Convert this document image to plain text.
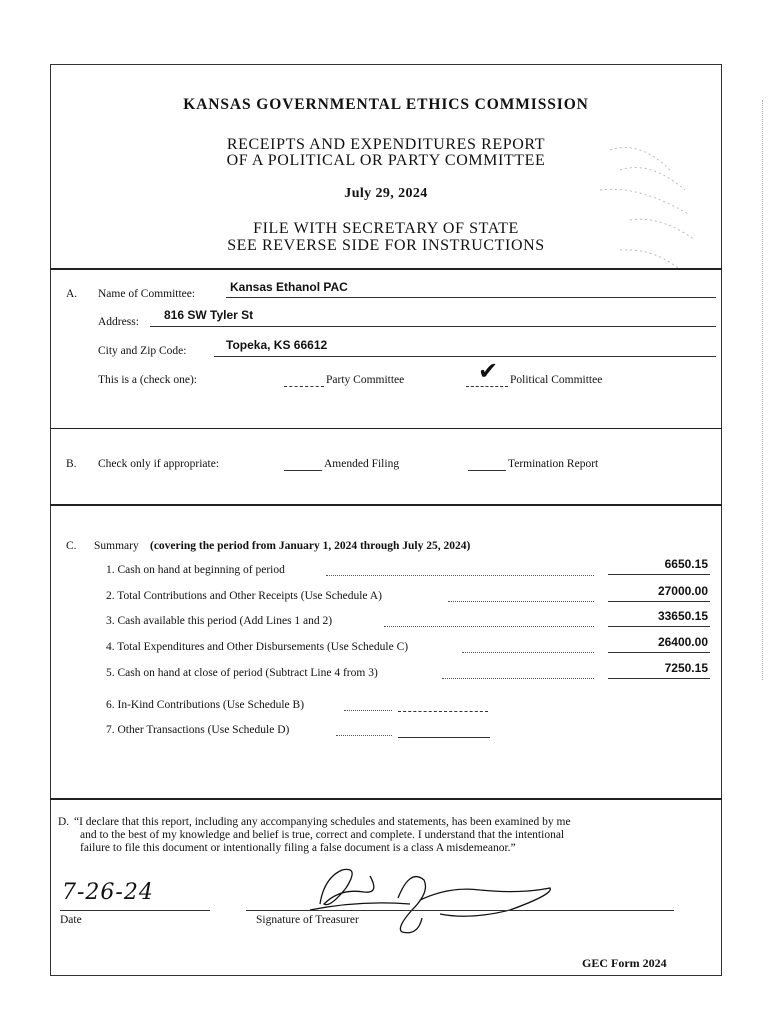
KANSAS GOVERNMENTAL ETHICS COMMISSION
RECEIPTS AND EXPENDITURES REPORT
OF A POLITICAL OR PARTY COMMITTEE
July 29, 2024
FILE WITH SECRETARY OF STATE
SEE REVERSE SIDE FOR INSTRUCTIONS
A. Name of Committee:	Kansas Ethanol PAC
Address: 816 SW Tyler St
City and Zip Code:	Topeka, KS 66612
This is a (check one):	Party Committee	✔ Political Committee
B. Check only if appropriate:	Amended Filing	Termination Report
C. Summary (covering the period from January 1, 2024 through July 25, 2024)
1. Cash on hand at beginning of period	6650.15
2. Total Contributions and Other Receipts (Use Schedule A)	27000.00
3. Cash available this period (Add Lines 1 and 2)	33650.15
4. Total Expenditures and Other Disbursements (Use Schedule C)	26400.00
5. Cash on hand at close of period (Subtract Line 4 from 3)	7250.15
6. In-Kind Contributions (Use Schedule B)
7. Other Transactions (Use Schedule D)
D. “I declare that this report, including any accompanying schedules and statements, has been examined by me
and to the best of my knowledge and belief is true, correct and complete. I understand that the intentional
failure to file this document or intentionally filing a false document is a class A misdemeanor.”
7-26-24
Date	Signature of Treasurer
GEC Form 2024
